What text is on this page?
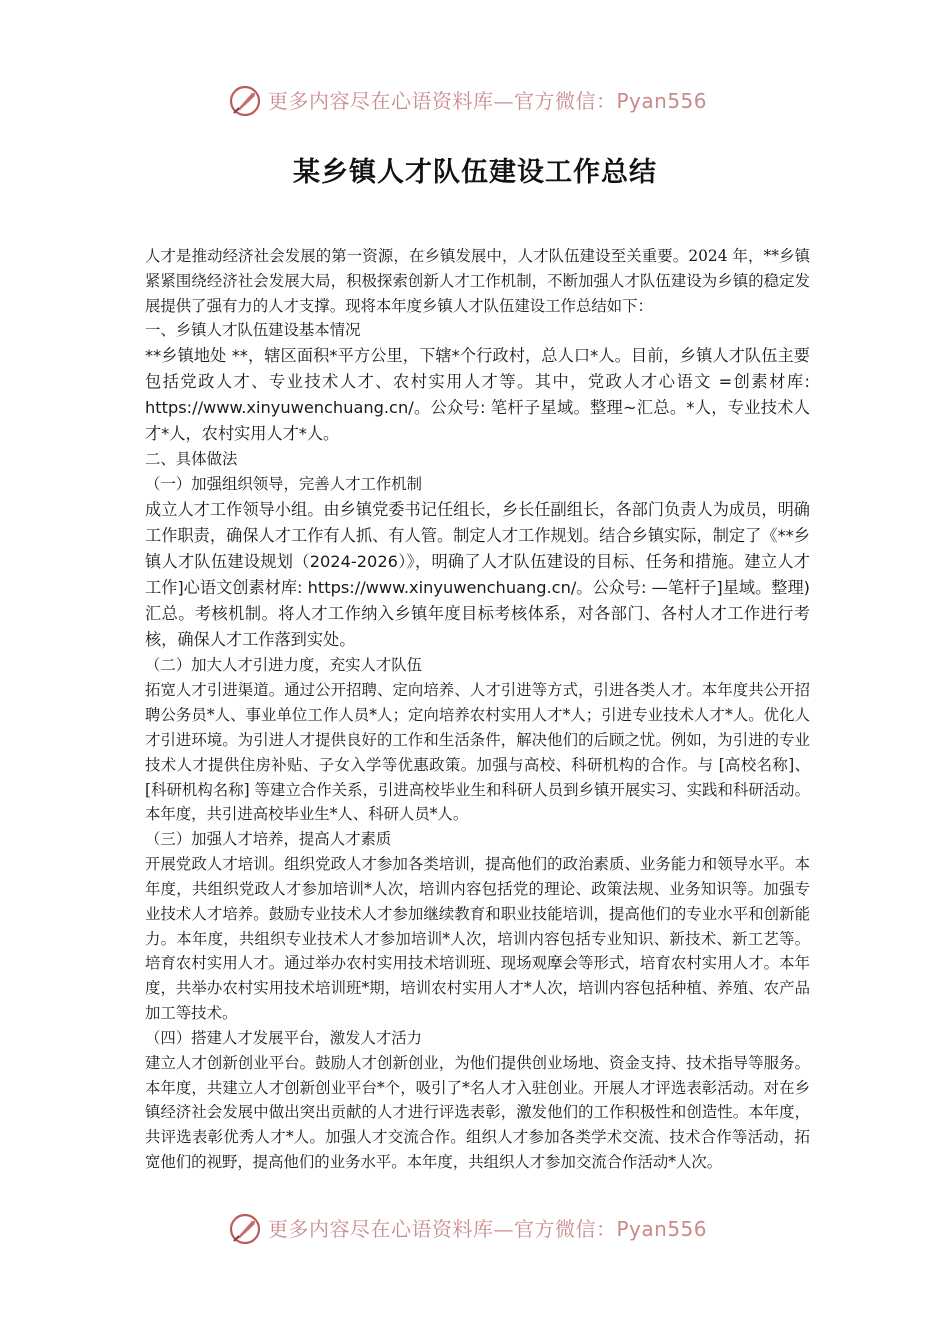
更多内容尽在心语资料库—官方微信：Pyan556
某乡镇人才队伍建设工作总结

人才是推动经济社会发展的第一资源，在乡镇发展中，人才队伍建设至关重要。2024 年，**乡镇紧紧围绕经济社会发展大局，积极探索创新人才工作机制，不断加强人才队伍建设为乡镇的稳定发展提供了强有力的人才支撑。现将本年度乡镇人才队伍建设工作总结如下：

一、乡镇人才队伍建设基本情况

**乡镇地处 **，辖区面积*平方公里，下辖*个行政村，总人口*人。目前，乡镇人才队伍主要包括党政人才、专业技术人才、农村实用人才等。其中，党政人才心语文 =创素材库: https://www.xinyuwenchuang.cn/。公众号: 笔杆子星域。整理~汇总。*人，专业技术人才*人，农村实用人才*人。

二、具体做法

（一）加强组织领导，完善人才工作机制

成立人才工作领导小组。由乡镇党委书记任组长，乡长任副组长，各部门负责人为成员，明确工作职责，确保人才工作有人抓、有人管。制定人才工作规划。结合乡镇实际，制定了《**乡镇人才队伍建设规划（2024-2026）》，明确了人才队伍建设的目标、任务和措施。建立人才工作]心语文创素材库: https://www.xinyuwenchuang.cn/。公众号: —笔杆子]星域。整理) 汇总。考核机制。将人才工作纳入乡镇年度目标考核体系，对各部门、各村人才工作进行考核，确保人才工作落到实处。

（二）加大人才引进力度，充实人才队伍

拓宽人才引进渠道。通过公开招聘、定向培养、人才引进等方式，引进各类人才。本年度共公开招聘公务员*人、事业单位工作人员*人；定向培养农村实用人才*人；引进专业技术人才*人。优化人才引进环境。为引进人才提供良好的工作和生活条件，解决他们的后顾之忧。例如，为引进的专业技术人才提供住房补贴、子女入学等优惠政策。加强与高校、科研机构的合作。与 [高校名称]、[科研机构名称] 等建立合作关系，引进高校毕业生和科研人员到乡镇开展实习、实践和科研活动。本年度，共引进高校毕业生*人、科研人员*人。

（三）加强人才培养，提高人才素质

开展党政人才培训。组织党政人才参加各类培训，提高他们的政治素质、业务能力和领导水平。本年度，共组织党政人才参加培训*人次，培训内容包括党的理论、政策法规、业务知识等。加强专业技术人才培养。鼓励专业技术人才参加继续教育和职业技能培训，提高他们的专业水平和创新能力。本年度，共组织专业技术人才参加培训*人次，培训内容包括专业知识、新技术、新工艺等。培育农村实用人才。通过举办农村实用技术培训班、现场观摩会等形式，培育农村实用人才。本年度，共举办农村实用技术培训班*期，培训农村实用人才*人次，培训内容包括种植、养殖、农产品加工等技术。

（四）搭建人才发展平台，激发人才活力

建立人才创新创业平台。鼓励人才创新创业，为他们提供创业场地、资金支持、技术指导等服务。本年度，共建立人才创新创业平台*个，吸引了*名人才入驻创业。开展人才评选表彰活动。对在乡镇经济社会发展中做出突出贡献的人才进行评选表彰，激发他们的工作积极性和创造性。本年度，共评选表彰优秀人才*人。加强人才交流合作。组织人才参加各类学术交流、技术合作等活动，拓宽他们的视野，提高他们的业务水平。本年度，共组织人才参加交流合作活动*人次。

更多内容尽在心语资料库—官方微信：Pyan556
